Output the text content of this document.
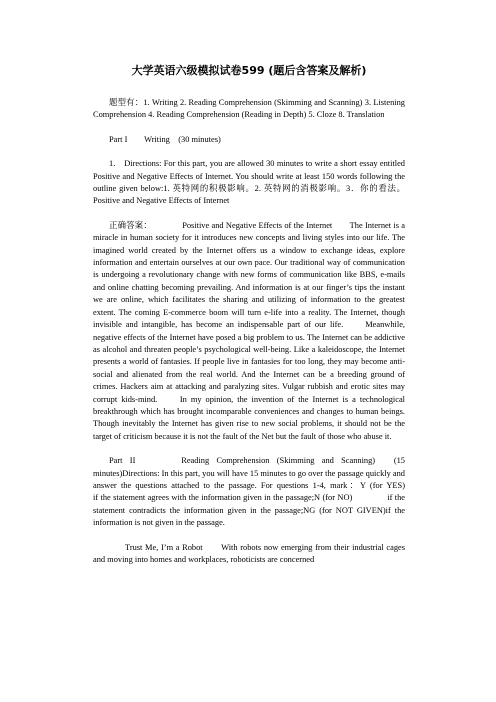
大学英语六级模拟试卷599 (题后含答案及解析)

题型有：1. Writing 2. Reading Comprehension (Skimming and Scanning) 3. Listening Comprehension 4. Reading Comprehension (Reading in Depth) 5. Cloze 8. Translation

Part I　　Writing　(30 minutes)

1.　Directions: For this part, you are allowed 30 minutes to write a short essay entitled Positive and Negative Effects of Internet. You should write at least 150 words following the outline given below:1. 英特网的积极影响。2. 英特网的消极影响。3．你的看法。 Positive and Negative Effects of Internet

正确答案：　　　　Positive and Negative Effects of the Internet　　The Internet is a miracle in human society for it introduces new concepts and living styles into our life. The imagined world created by the Internet offers us a window to exchange ideas, explore information and entertain ourselves at our own pace. Our traditional way of communication is undergoing a revolutionary change with new forms of communication like BBS, e-mails and online chatting becoming prevailing. And information is at our finger’s tips the instant we are online, which facilitates the sharing and utilizing of information to the greatest extent. The coming E-commerce boom will turn e-life into a reality. The Internet, though invisible and intangible, has become an indispensable part of our life.　　Meanwhile, negative effects of the Internet have posed a big problem to us. The Internet can be addictive as alcohol and threaten people’s psychological well-being. Like a kaleidoscope, the Internet presents a world of fantasies. If people live in fantasies for too long, they may become anti-social and alienated from the real world. And the Internet can be a breeding ground of crimes. Hackers aim at attacking and paralyzing sites. Vulgar rubbish and erotic sites may corrupt kids-mind.　　In my opinion, the invention of the Internet is a technological breakthrough which has brought incomparable conveniences and changes to human beings. Though inevitably the Internet has given rise to new social problems, it should not be the target of criticism because it is not the fault of the Net but the fault of those who abuse it.

Part II　　　Reading Comprehension (Skimming and Scanning)　(15 minutes)Directions: In this part, you will have 15 minutes to go over the passage quickly and answer the questions attached to the passage. For questions 1-4, mark：Y (for YES)　　　if the statement agrees with the information given in the passage;N (for NO)　　　　if the statement contradicts the information given in the passage;NG (for NOT GIVEN)if the information is not given in the passage.

Trust Me, I’m a Robot　　With robots now emerging from their industrial cages and moving into homes and workplaces, roboticists are concerned
